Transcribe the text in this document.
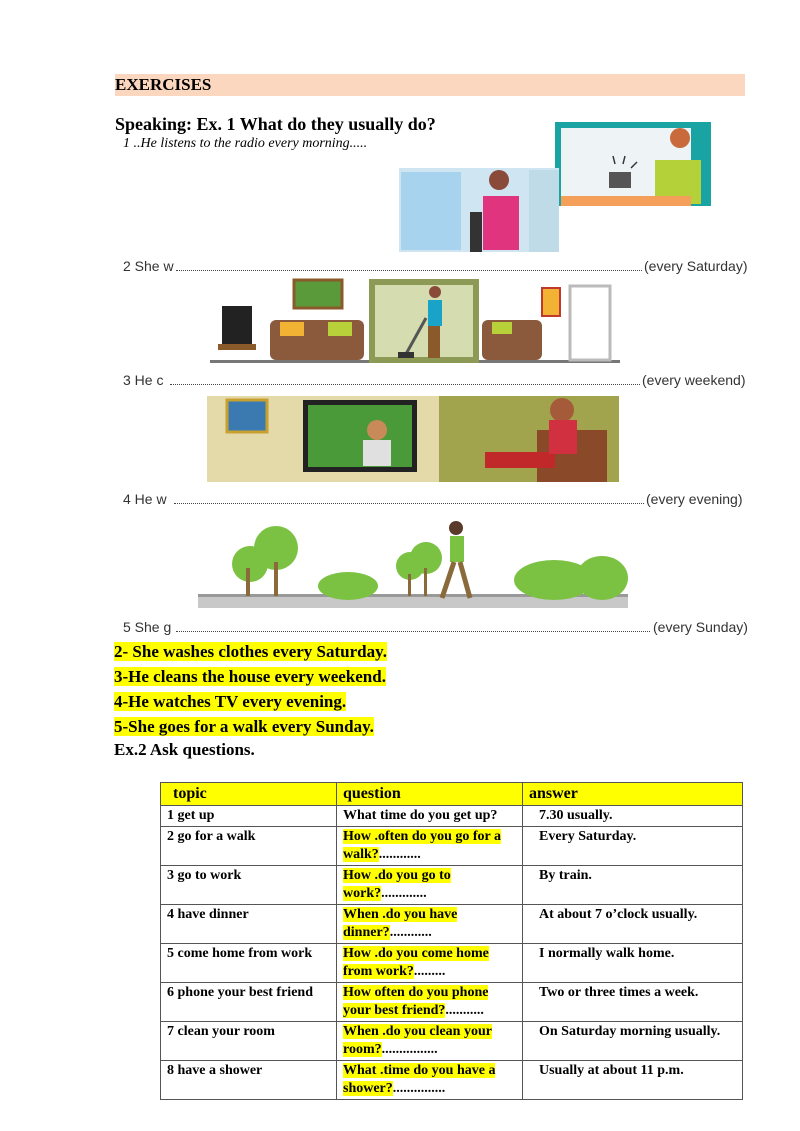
EXERCISES
Speaking: Ex. 1 What do they usually do?
1 ..He listens to the radio every morning.....
2 She w	(every Saturday)
3 He c	(every weekend)
4 He w	(every evening)
5 She g	(every Sunday)
2- She washes clothes every Saturday.
3-He cleans the house every weekend.
4-He watches TV every evening.
5-She goes for a walk every Sunday.
Ex.2 Ask questions.
topic	question	answer
1 get up	What time do you get up?	7.30 usually.
2 go for a walk	How .often do you go for a walk?............	Every Saturday.
3 go to work	How .do you go to work?.............	By train.
4 have dinner	When .do you have dinner?............	At about 7 o’clock usually.
5 come home from work	How .do you come home from work?.........	I normally walk home.
6 phone your best friend	How often do you phone your best friend?...........	Two or three times a week.
7 clean your room	When .do you clean your room?................	On Saturday morning usually.
8 have a shower	What .time do you have a shower?...............	Usually at about 11 p.m.
